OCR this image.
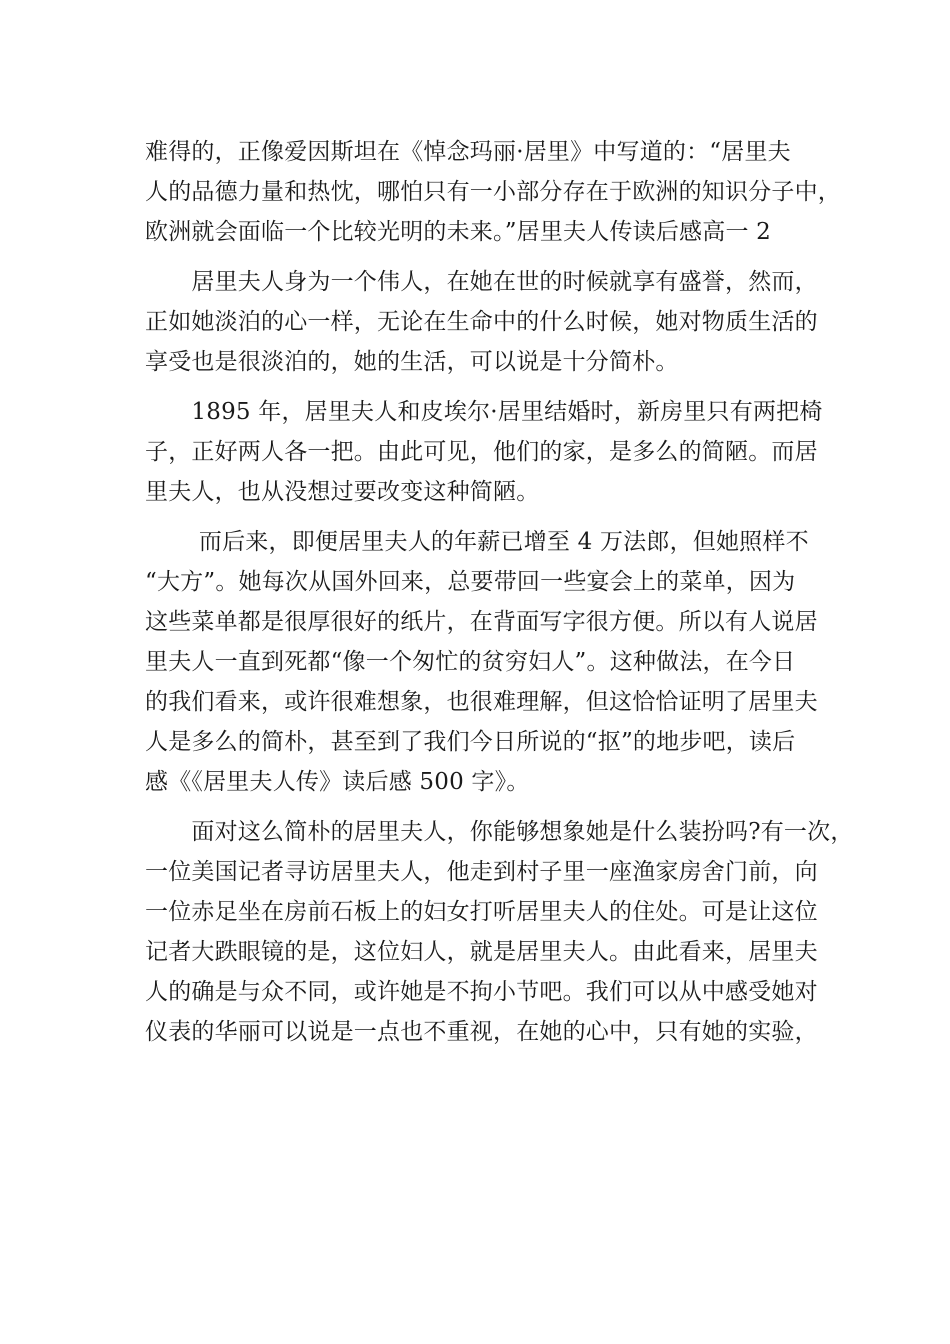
难得的，正像爱因斯坦在《悼念玛丽·居里》中写道的：“居里夫
人的品德力量和热忱，哪怕只有一小部分存在于欧洲的知识分子中，
欧洲就会面临一个比较光明的未来。”居里夫人传读后感高一 2
　　居里夫人身为一个伟人，在她在世的时候就享有盛誉，然而，
正如她淡泊的心一样，无论在生命中的什么时候，她对物质生活的
享受也是很淡泊的，她的生活，可以说是十分简朴。
　　1895 年，居里夫人和皮埃尔·居里结婚时，新房里只有两把椅
子，正好两人各一把。由此可见，他们的家，是多么的简陋。而居
里夫人，也从没想过要改变这种简陋。
　　 而后来，即便居里夫人的年薪已增至 4 万法郎，但她照样不
“大方”。她每次从国外回来，总要带回一些宴会上的菜单，因为
这些菜单都是很厚很好的纸片，在背面写字很方便。所以有人说居
里夫人一直到死都“像一个匆忙的贫穷妇人”。这种做法，在今日
的我们看来，或许很难想象，也很难理解，但这恰恰证明了居里夫
人是多么的简朴，甚至到了我们今日所说的“抠”的地步吧，读后
感《《居里夫人传》读后感 500 字》。
　　面对这么简朴的居里夫人，你能够想象她是什么装扮吗?有一次，
一位美国记者寻访居里夫人，他走到村子里一座渔家房舍门前，向
一位赤足坐在房前石板上的妇女打听居里夫人的住处。可是让这位
记者大跌眼镜的是，这位妇人，就是居里夫人。由此看来，居里夫
人的确是与众不同，或许她是不拘小节吧。我们可以从中感受她对
仪表的华丽可以说是一点也不重视，在她的心中，只有她的实验，
